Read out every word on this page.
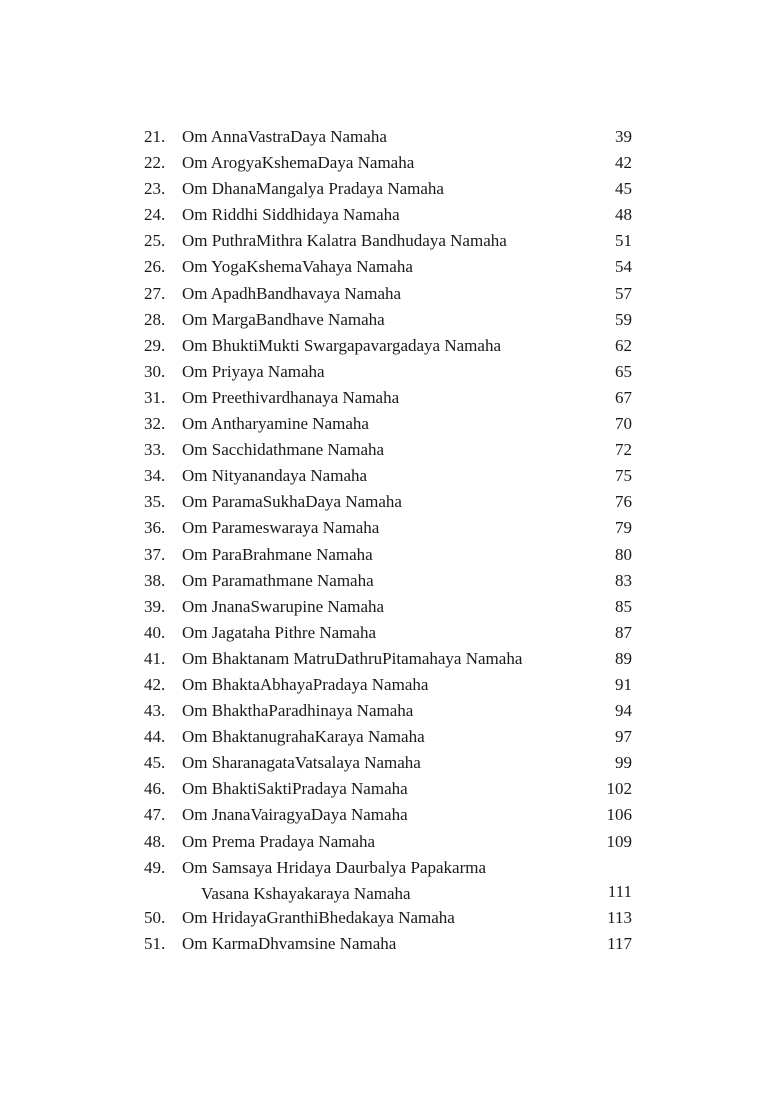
21. Om AnnaVastraDaya Namaha	39
22. Om ArogyaKshemaDaya Namaha	42
23. Om DhanaMangalya Pradaya Namaha	45
24. Om Riddhi Siddhidaya Namaha	48
25. Om PuthraMithra Kalatra Bandhudaya Namaha	51
26. Om YogaKshemaVahaya Namaha	54
27. Om ApadhBandhavaya Namaha	57
28. Om MargaBandhave Namaha	59
29. Om BhuktiMukti Swargapavargadaya Namaha	62
30. Om Priyaya Namaha	65
31. Om Preethivardhanaya Namaha	67
32. Om Antharyamine Namaha	70
33. Om Sacchidathmane Namaha	72
34. Om Nityanandaya Namaha	75
35. Om ParamaSukhaDaya Namaha	76
36. Om Parameswaraya Namaha	79
37. Om ParaBrahmane Namaha	80
38. Om Paramathmane Namaha	83
39. Om JnanaSwarupine Namaha	85
40. Om Jagataha Pithre Namaha	87
41. Om Bhaktanam MatruDathruPitamahaya Namaha	89
42. Om BhaktaAbhayaPradaya Namaha	91
43. Om BhakthaParadhinaya Namaha	94
44. Om BhaktanugrahaKaraya Namaha	97
45. Om SharanagataVatsalaya Namaha	99
46. Om BhaktiSaktiPradaya Namaha	102
47. Om JnanaVairagyaDaya Namaha	106
48. Om Prema Pradaya Namaha	109
49. Om Samsaya Hridaya Daurbalya Papakarma
Vasana Kshayakaraya Namaha	111
50. Om HridayaGranthiBhedakaya Namaha	113
51. Om KarmaDhvamsine Namaha	117
